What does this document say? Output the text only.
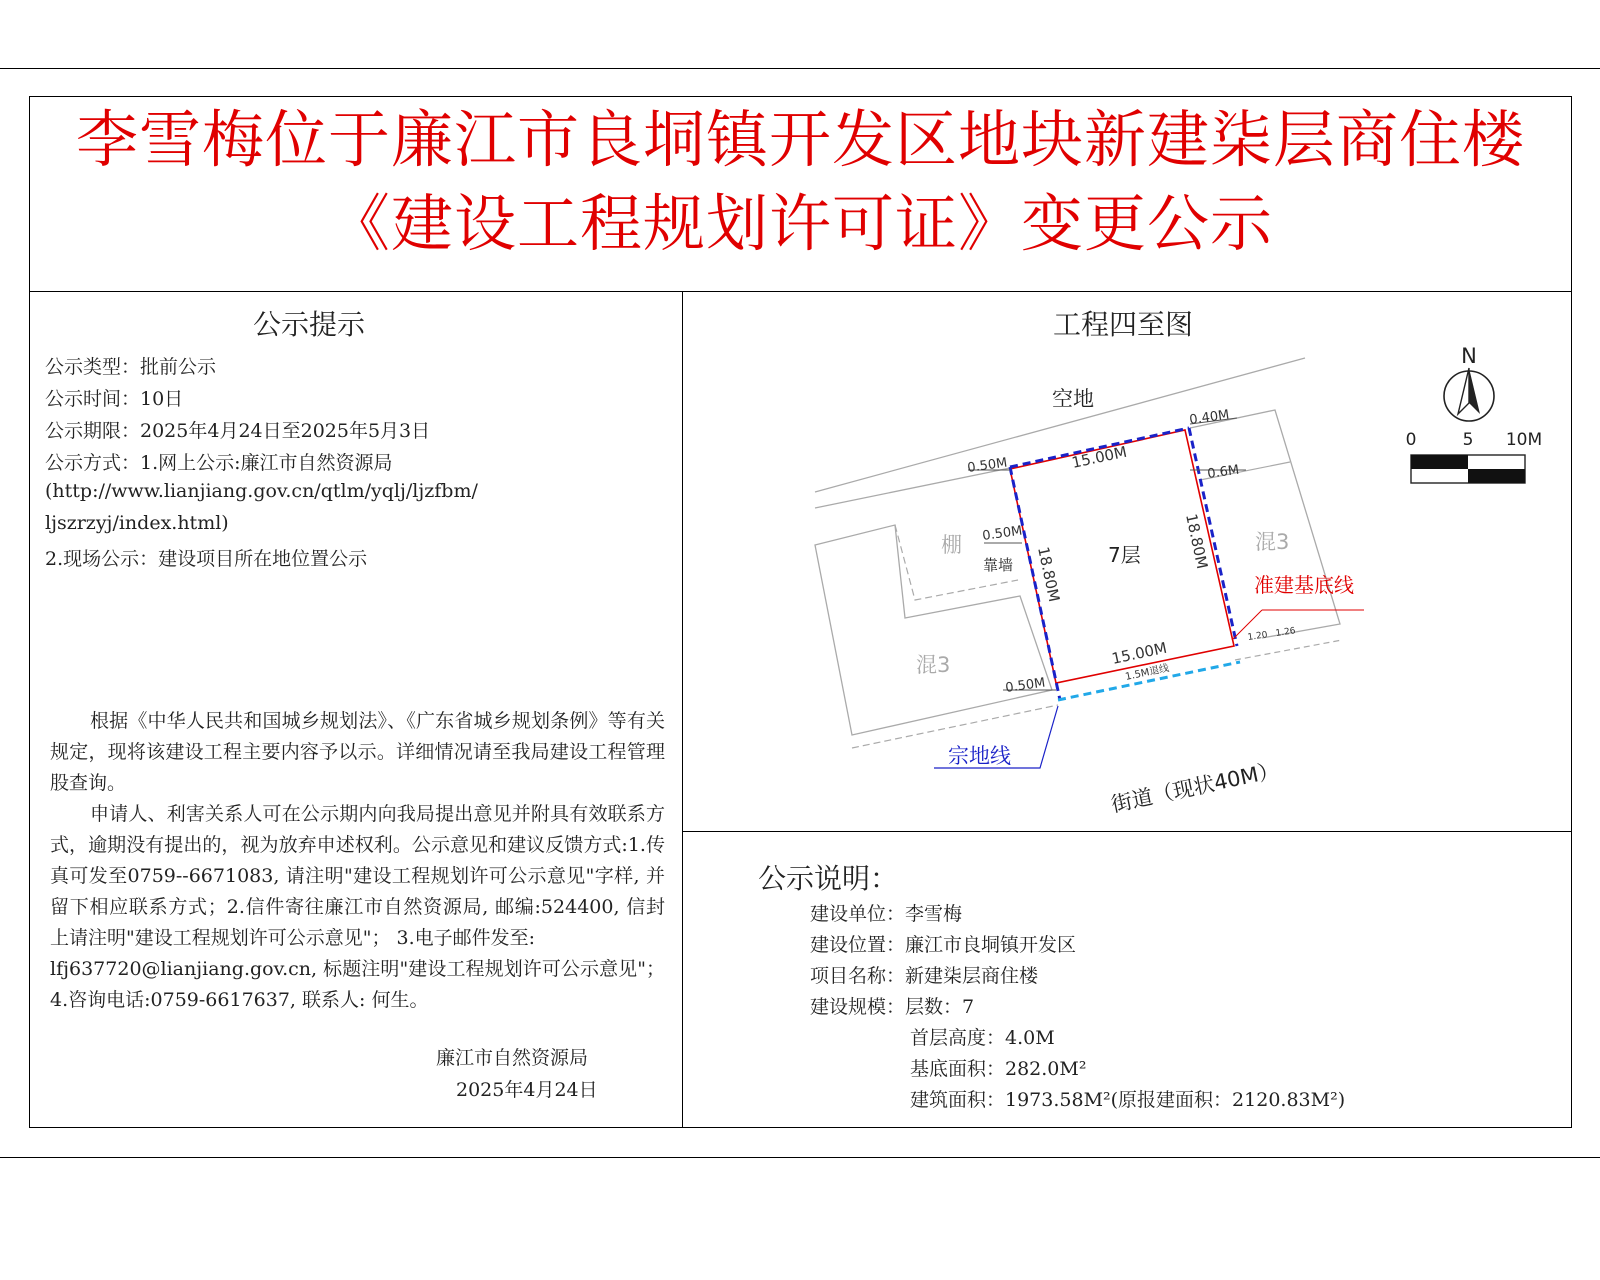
李雪梅位于廉江市良垌镇开发区地块新建柒层商住楼
《建设工程规划许可证》变更公示
公示提示
公示类型：批前公示
公示时间：10日
公示期限：2025年4月24日至2025年5月3日
公示方式：1.网上公示:廉江市自然资源局
(http://www.lianjiang.gov.cn/qtlm/yqlj/ljzfbm/
ljszrzyj/index.html)
2.现场公示：建设项目所在地位置公示

根据《中华人民共和国城乡规划法》、《广东省城乡规划条例》等有关规定，现将该建设工程主要内容予以示。详细情况请至我局建设工程管理股查询。

申请人、利害关系人可在公示期内向我局提出意见并附具有效联系方式，逾期没有提出的，视为放弃申述权利。公示意见和建议反馈方式:1.传真可发至0759--6671083, 请注明"建设工程规划许可公示意见"字样, 并留下相应联系方式；2.信件寄往廉江市自然资源局, 邮编:524400, 信封上请注明"建设工程规划许可公示意见"； 3.电子邮件发至:

lfj637720@lianjiang.gov.cn, 标题注明"建设工程规划许可公示意见"；4.咨询电话:0759-6617637, 联系人: 何生。

廉江市自然资源局
2025年4月24日
工程四至图
空地
棚
靠墙	7层
混3
混3
准建基底线
宗地线
街道（现状40M）
0.50M	15.00M
0.40M
0.6M
0.50M
18.80M
18.80M
15.00M
0.50M
1.5M退线
1.20 1.26
N
0	5 10M
公示说明：
建设单位：李雪梅
建设位置：廉江市良垌镇开发区
项目名称：新建柒层商住楼
建设规模：层数：7
首层高度：4.0M
基底面积：282.0M²
建筑面积：1973.58M²(原报建面积：2120.83M²)
